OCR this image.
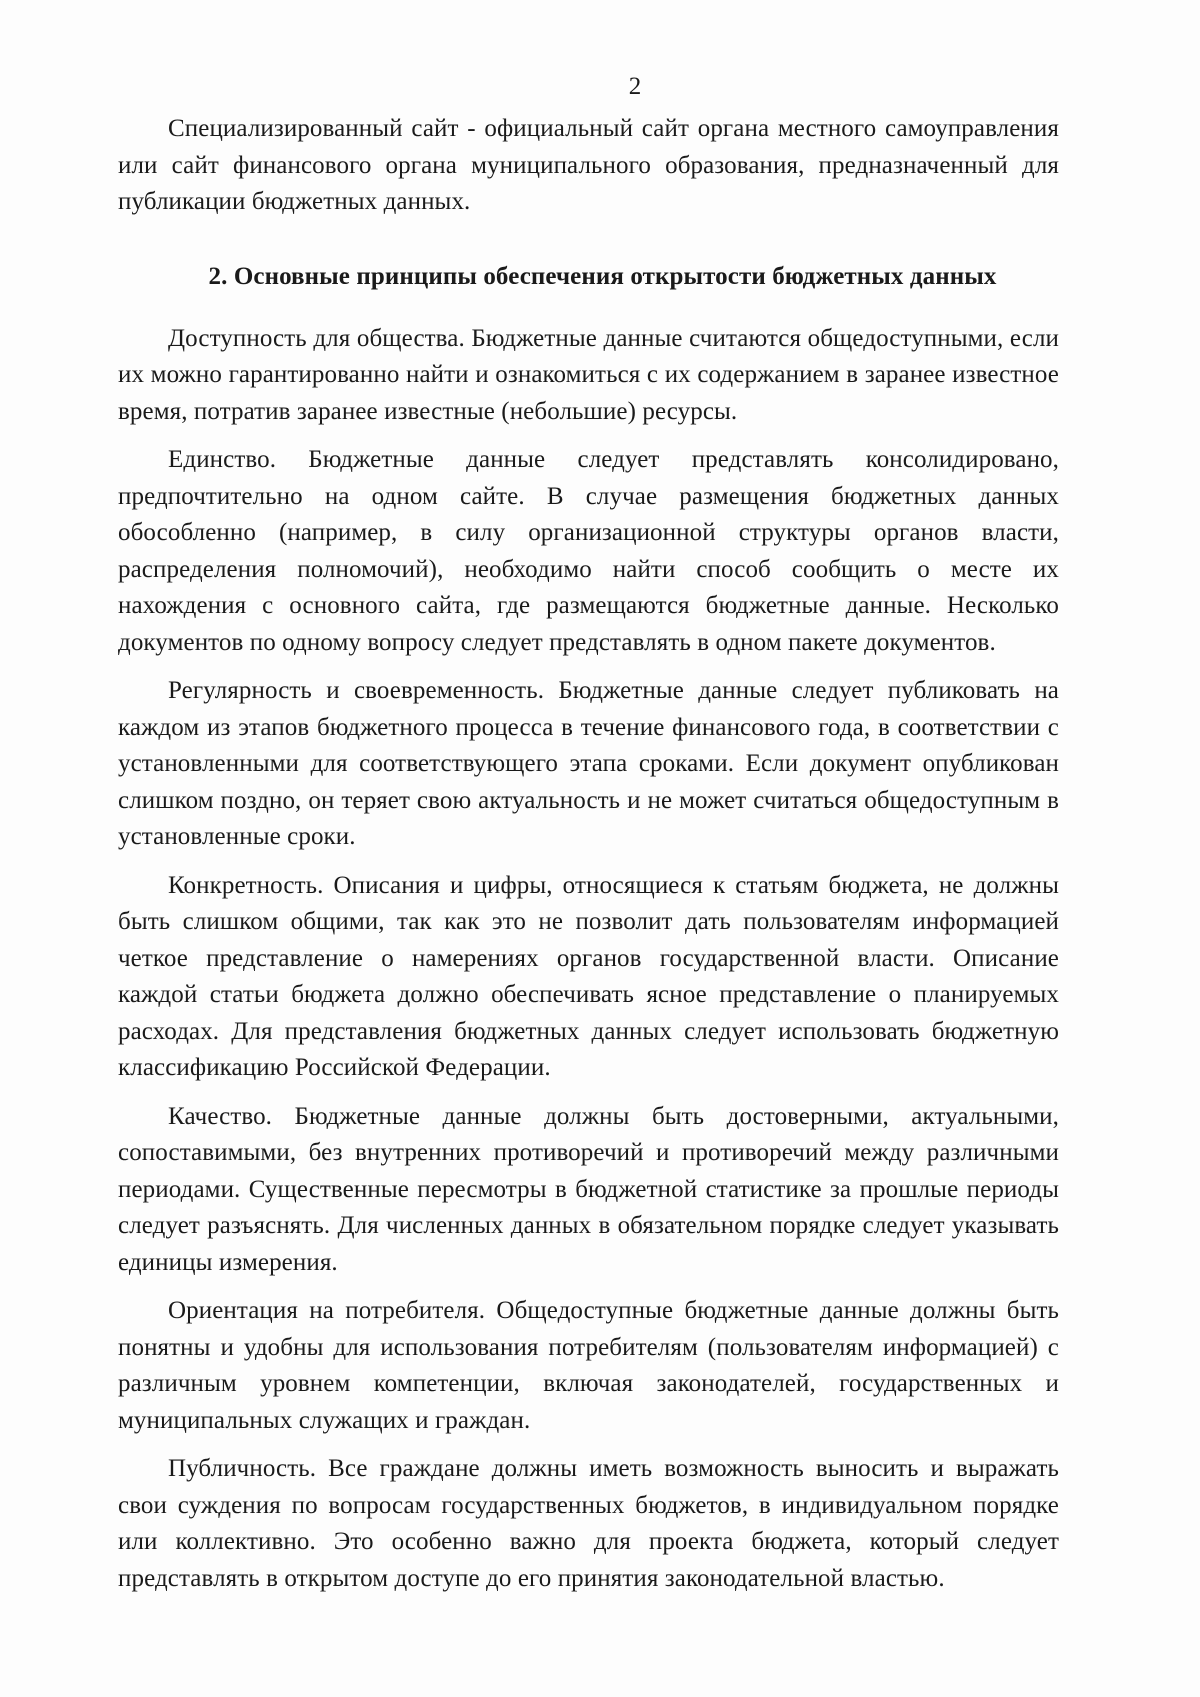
2

Специализированный сайт - официальный сайт органа местного самоуправления или сайт финансового органа муниципального образования, предназначенный для публикации бюджетных данных.

2. Основные принципы обеспечения открытости бюджетных данных

Доступность для общества. Бюджетные данные считаются общедоступными, если их можно гарантированно найти и ознакомиться с их содержанием в заранее известное время, потратив заранее известные (небольшие) ресурсы.

Единство. Бюджетные данные следует представлять консолидировано, предпочтительно на одном сайте. В случае размещения бюджетных данных обособленно (например, в силу организационной структуры органов власти, распределения полномочий), необходимо найти способ сообщить о месте их нахождения с основного сайта, где размещаются бюджетные данные. Несколько документов по одному вопросу следует представлять в одном пакете документов.

Регулярность и своевременность. Бюджетные данные следует публиковать на каждом из этапов бюджетного процесса в течение финансового года, в соответствии с установленными для соответствующего этапа сроками. Если документ опубликован слишком поздно, он теряет свою актуальность и не может считаться общедоступным в установленные сроки.

Конкретность. Описания и цифры, относящиеся к статьям бюджета, не должны быть слишком общими, так как это не позволит дать пользователям информацией четкое представление о намерениях органов государственной власти. Описание каждой статьи бюджета должно обеспечивать ясное представление о планируемых расходах. Для представления бюджетных данных следует использовать бюджетную классификацию Российской Федерации.

Качество. Бюджетные данные должны быть достоверными, актуальными, сопоставимыми, без внутренних противоречий и противоречий между различными периодами. Существенные пересмотры в бюджетной статистике за прошлые периоды следует разъяснять. Для численных данных в обязательном порядке следует указывать единицы измерения.

Ориентация на потребителя. Общедоступные бюджетные данные должны быть понятны и удобны для использования потребителям (пользователям информацией) с различным уровнем компетенции, включая законодателей, государственных и муниципальных служащих и граждан.

Публичность. Все граждане должны иметь возможность выносить и выражать свои суждения по вопросам государственных бюджетов, в индивидуальном порядке или коллективно. Это особенно важно для проекта бюджета, который следует представлять в открытом доступе до его принятия законодательной властью.
